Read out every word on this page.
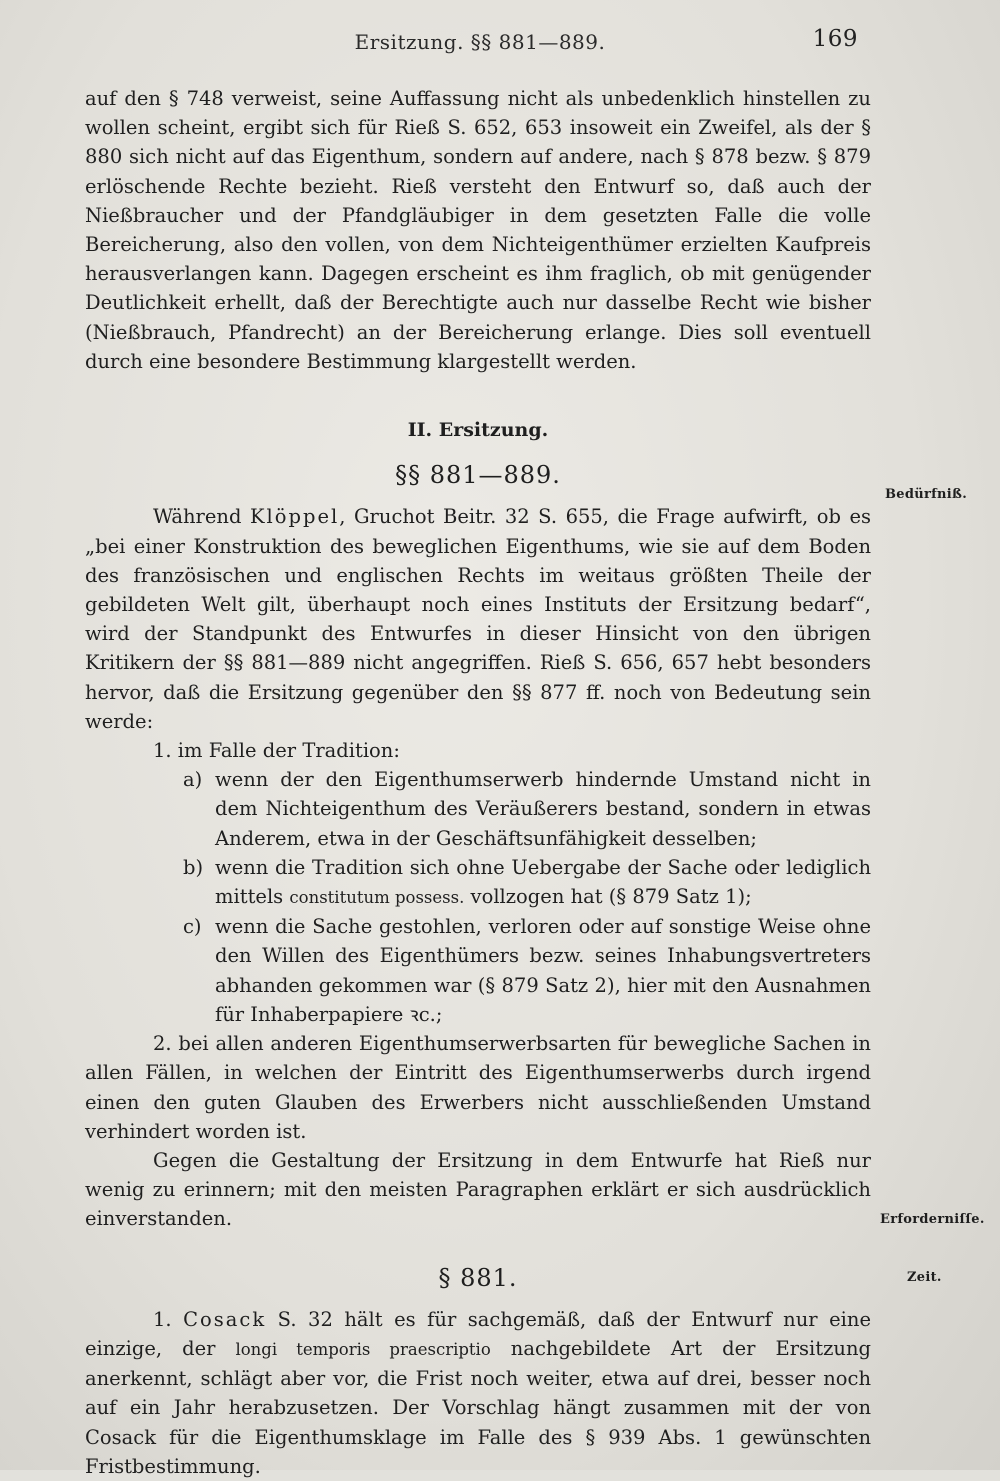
Ersitzung. §§ 881—889.	169

auf den § 748 verweist, seine Auffassung nicht als unbedenklich hinstellen zu wollen scheint, ergibt sich für Rieß S. 652, 653 insoweit ein Zweifel, als der § 880 sich nicht auf das Eigenthum, sondern auf andere, nach § 878 bezw. § 879 erlöschende Rechte bezieht. Rieß versteht den Entwurf so, daß auch der Nießbraucher und der Pfandgläubiger in dem gesetzten Falle die volle Bereicherung, also den vollen, von dem Nichteigenthümer erzielten Kaufpreis herausverlangen kann. Dagegen erscheint es ihm fraglich, ob mit genügender Deutlichkeit erhellt, daß der Berechtigte auch nur dasselbe Recht wie bisher (Nießbrauch, Pfandrecht) an der Bereicherung erlange. Dies soll eventuell durch eine besondere Bestimmung klargestellt werden.

II. Ersitzung.
§§ 881—889.

Während Klöppel, Gruchot Beitr. 32 S. 655, die Frage aufwirft, ob es „bei einer Konstruktion des beweglichen Eigenthums, wie sie auf dem Boden des französischen und englischen Rechts im weitaus größten Theile der gebildeten Welt gilt, überhaupt noch eines Instituts der Ersitzung bedarf“, wird der Standpunkt des Entwurfes in dieser Hinsicht von den übrigen Kritikern der §§ 881—889 nicht angegriffen. Rieß S. 656, 657 hebt besonders hervor, daß die Ersitzung gegenüber den §§ 877 ff. noch von Bedeutung sein werde:

1. im Falle der Tradition:

a) wenn der den Eigenthumserwerb hindernde Umstand nicht in dem Nichteigenthum des Veräußerers bestand, sondern in etwas Anderem, etwa in der Geschäftsunfähigkeit desselben;

b) wenn die Tradition sich ohne Uebergabe der Sache oder lediglich mittels constitutum possess. vollzogen hat (§ 879 Satz 1);

c) wenn die Sache gestohlen, verloren oder auf sonstige Weise ohne den Willen des Eigenthümers bezw. seines Inhabungsvertreters abhanden gekommen war (§ 879 Satz 2), hier mit den Ausnahmen für Inhaberpapiere ꝛc.;

2. bei allen anderen Eigenthumserwerbsarten für bewegliche Sachen in allen Fällen, in welchen der Eintritt des Eigenthumserwerbs durch irgend einen den guten Glauben des Erwerbers nicht ausschließenden Umstand verhindert worden ist.

Gegen die Gestaltung der Ersitzung in dem Entwurfe hat Rieß nur wenig zu erinnern; mit den meisten Paragraphen erklärt er sich ausdrücklich einverstanden.

§ 881.

1. Cosack S. 32 hält es für sachgemäß, daß der Entwurf nur eine einzige, der longi temporis praescriptio nachgebildete Art der Ersitzung anerkennt, schlägt aber vor, die Frist noch weiter, etwa auf drei, besser noch auf ein Jahr herabzusetzen. Der Vorschlag hängt zusammen mit der von Cosack für die Eigenthumsklage im Falle des § 939 Abs. 1 gewünschten Fristbestimmung.

Bedürfniß.
Erforderniſſe.
Zeit.
